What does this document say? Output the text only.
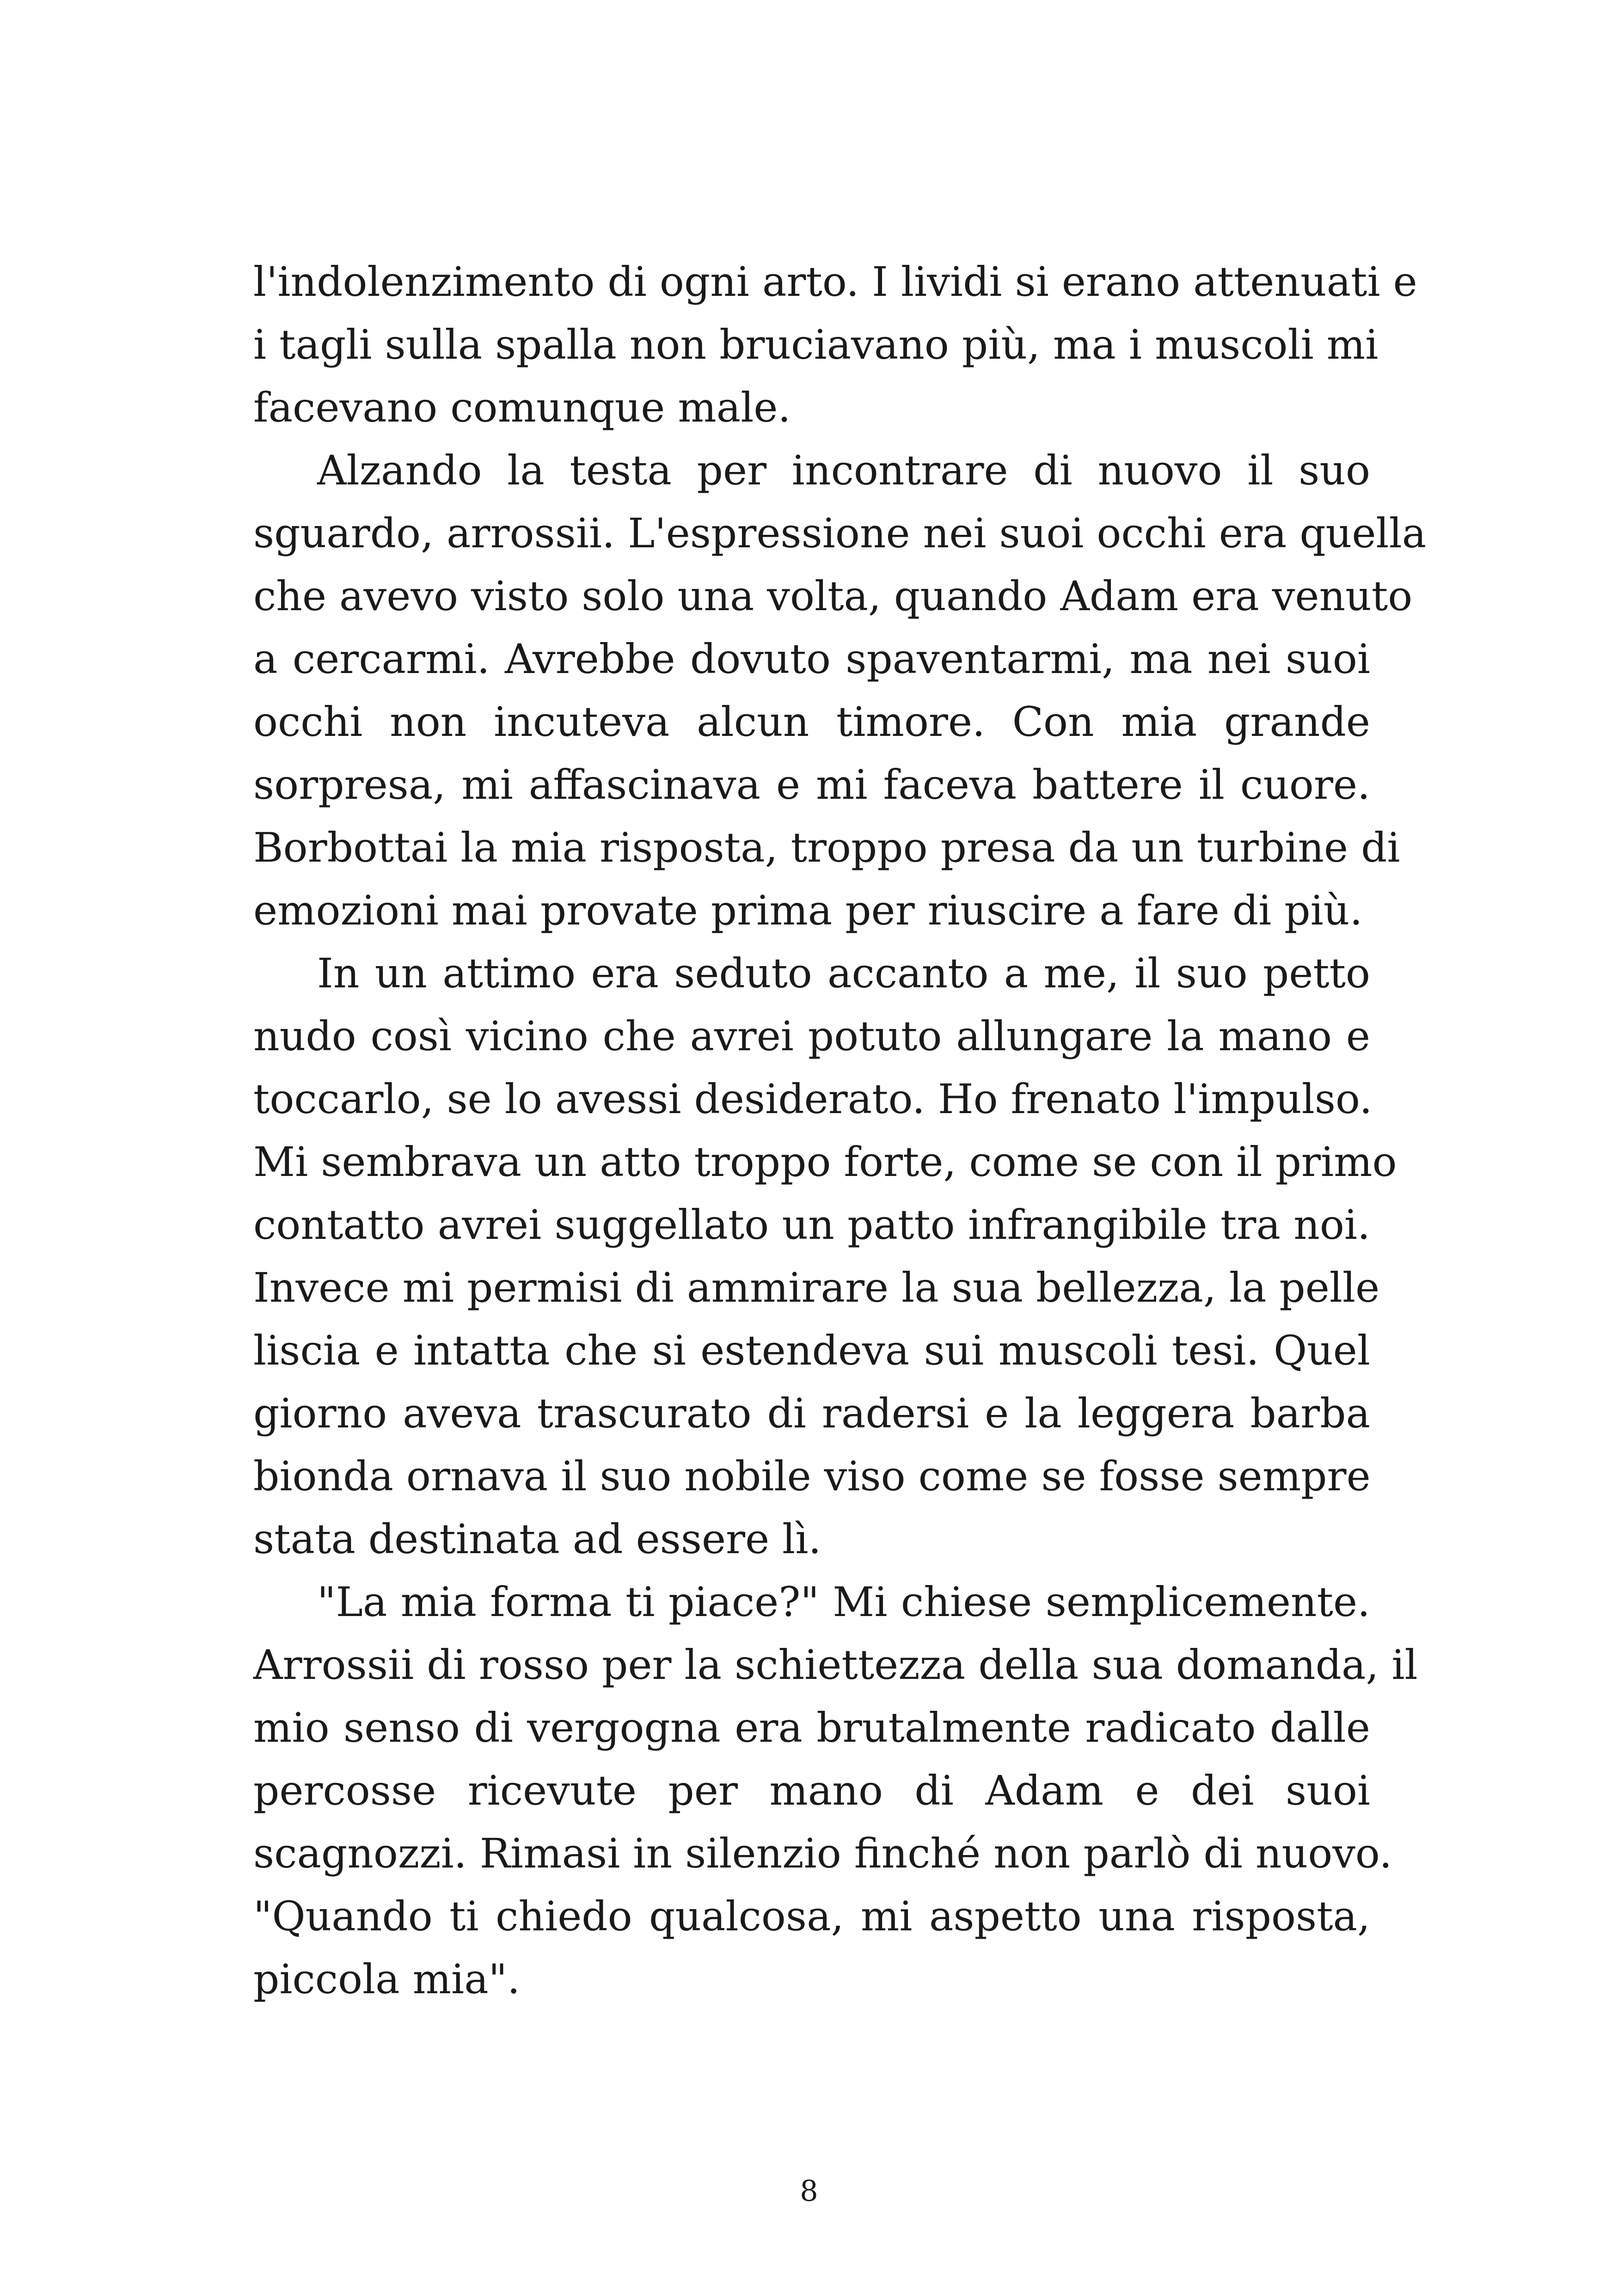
l'indolenzimento di ogni arto. I lividi si erano attenuati e
i tagli sulla spalla non bruciavano più, ma i muscoli mi
facevano comunque male.
Alzando la testa per incontrare di nuovo il suo
sguardo, arrossii. L'espressione nei suoi occhi era quella
che avevo visto solo una volta, quando Adam era venuto
a cercarmi. Avrebbe dovuto spaventarmi, ma nei suoi
occhi non incuteva alcun timore. Con mia grande
sorpresa, mi affascinava e mi faceva battere il cuore.
Borbottai la mia risposta, troppo presa da un turbine di
emozioni mai provate prima per riuscire a fare di più.
In un attimo era seduto accanto a me, il suo petto
nudo così vicino che avrei potuto allungare la mano e
toccarlo, se lo avessi desiderato. Ho frenato l'impulso.
Mi sembrava un atto troppo forte, come se con il primo
contatto avrei suggellato un patto infrangibile tra noi.
Invece mi permisi di ammirare la sua bellezza, la pelle
liscia e intatta che si estendeva sui muscoli tesi. Quel
giorno aveva trascurato di radersi e la leggera barba
bionda ornava il suo nobile viso come se fosse sempre
stata destinata ad essere lì.
"La mia forma ti piace?" Mi chiese semplicemente.
Arrossii di rosso per la schiettezza della sua domanda, il
mio senso di vergogna era brutalmente radicato dalle
percosse ricevute per mano di Adam e dei suoi
scagnozzi. Rimasi in silenzio finché non parlò di nuovo.
"Quando ti chiedo qualcosa, mi aspetto una risposta,
piccola mia".
8
